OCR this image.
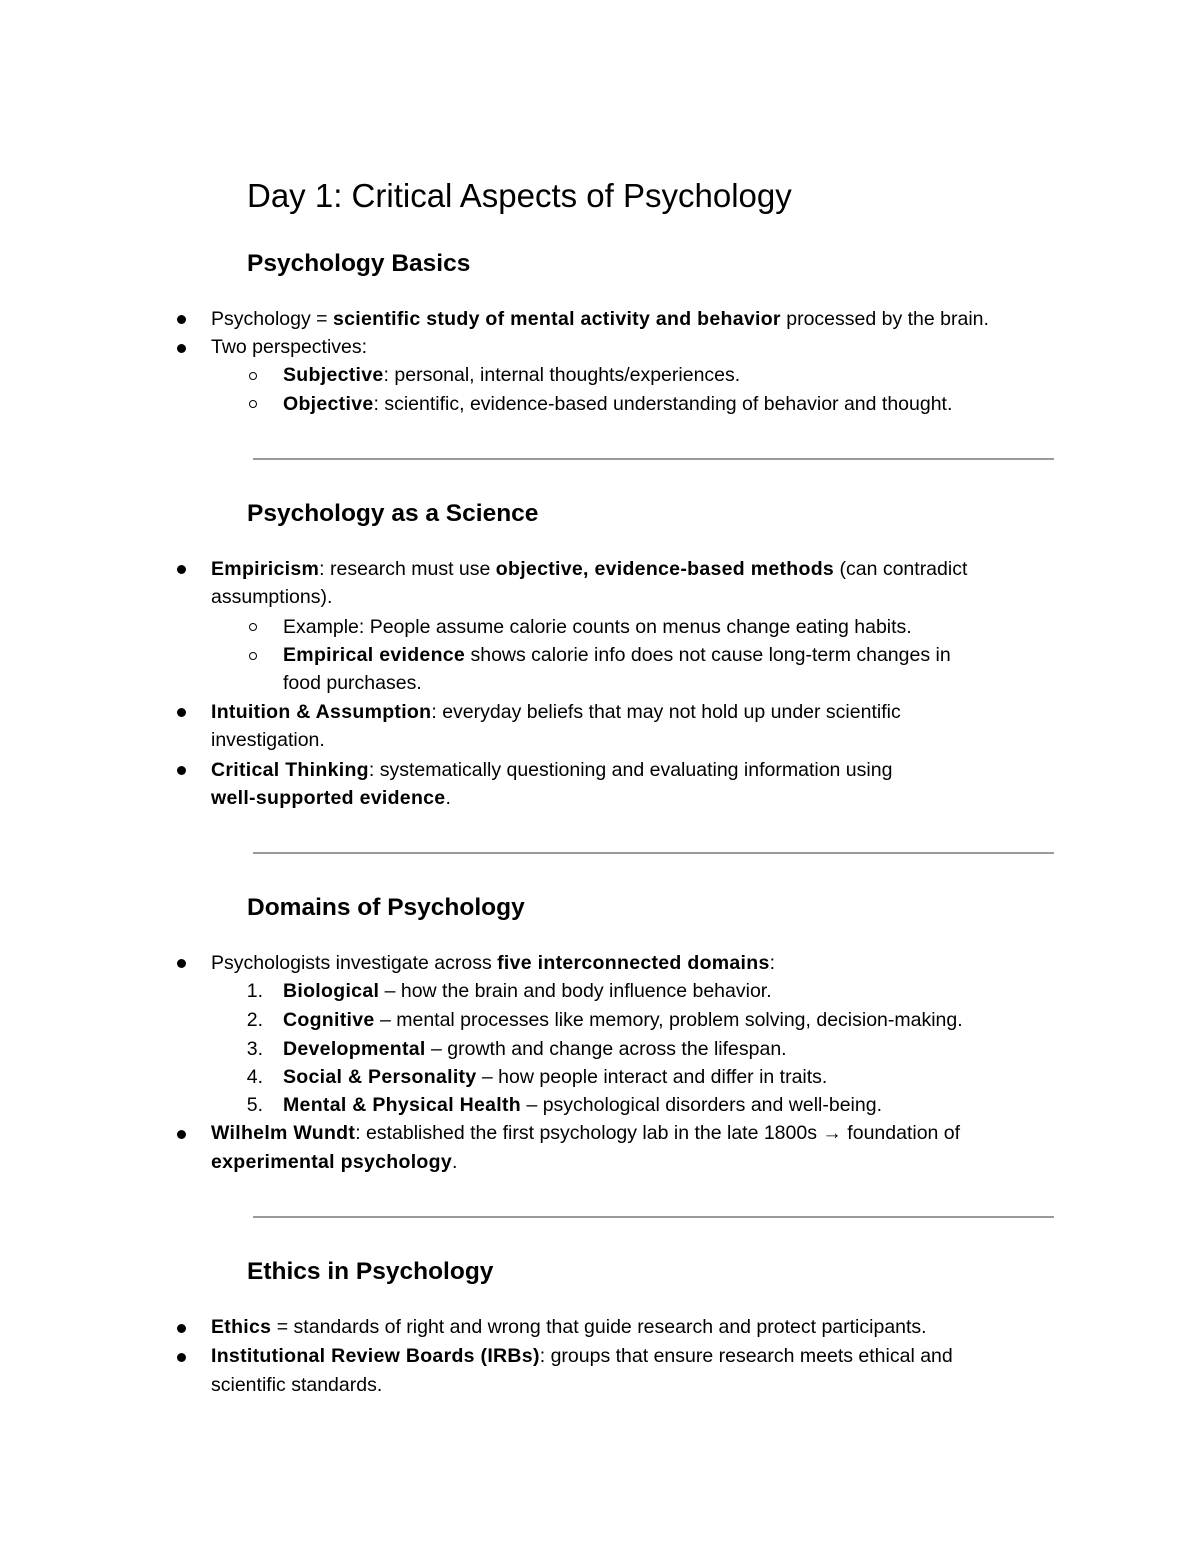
Day 1: Critical Aspects of Psychology
Psychology Basics
Psychology = scientific study of mental activity and behavior processed by the brain.
Two perspectives:
Subjective: personal, internal thoughts/experiences.
Objective: scientific, evidence-based understanding of behavior and thought.
Psychology as a Science
Empiricism: research must use objective, evidence-based methods (can contradict
assumptions).
Example: People assume calorie counts on menus change eating habits.
Empirical evidence shows calorie info does not cause long-term changes in
food purchases.
Intuition & Assumption: everyday beliefs that may not hold up under scientific
investigation.
Critical Thinking: systematically questioning and evaluating information using
well-supported evidence.
Domains of Psychology
Psychologists investigate across five interconnected domains:
1. Biological – how the brain and body influence behavior.
2. Cognitive – mental processes like memory, problem solving, decision-making.
3. Developmental – growth and change across the lifespan.
4. Social & Personality – how people interact and differ in traits.
5. Mental & Physical Health – psychological disorders and well-being.
Wilhelm Wundt: established the first psychology lab in the late 1800s → foundation of
experimental psychology.
Ethics in Psychology
Ethics = standards of right and wrong that guide research and protect participants.
Institutional Review Boards (IRBs): groups that ensure research meets ethical and
scientific standards.
